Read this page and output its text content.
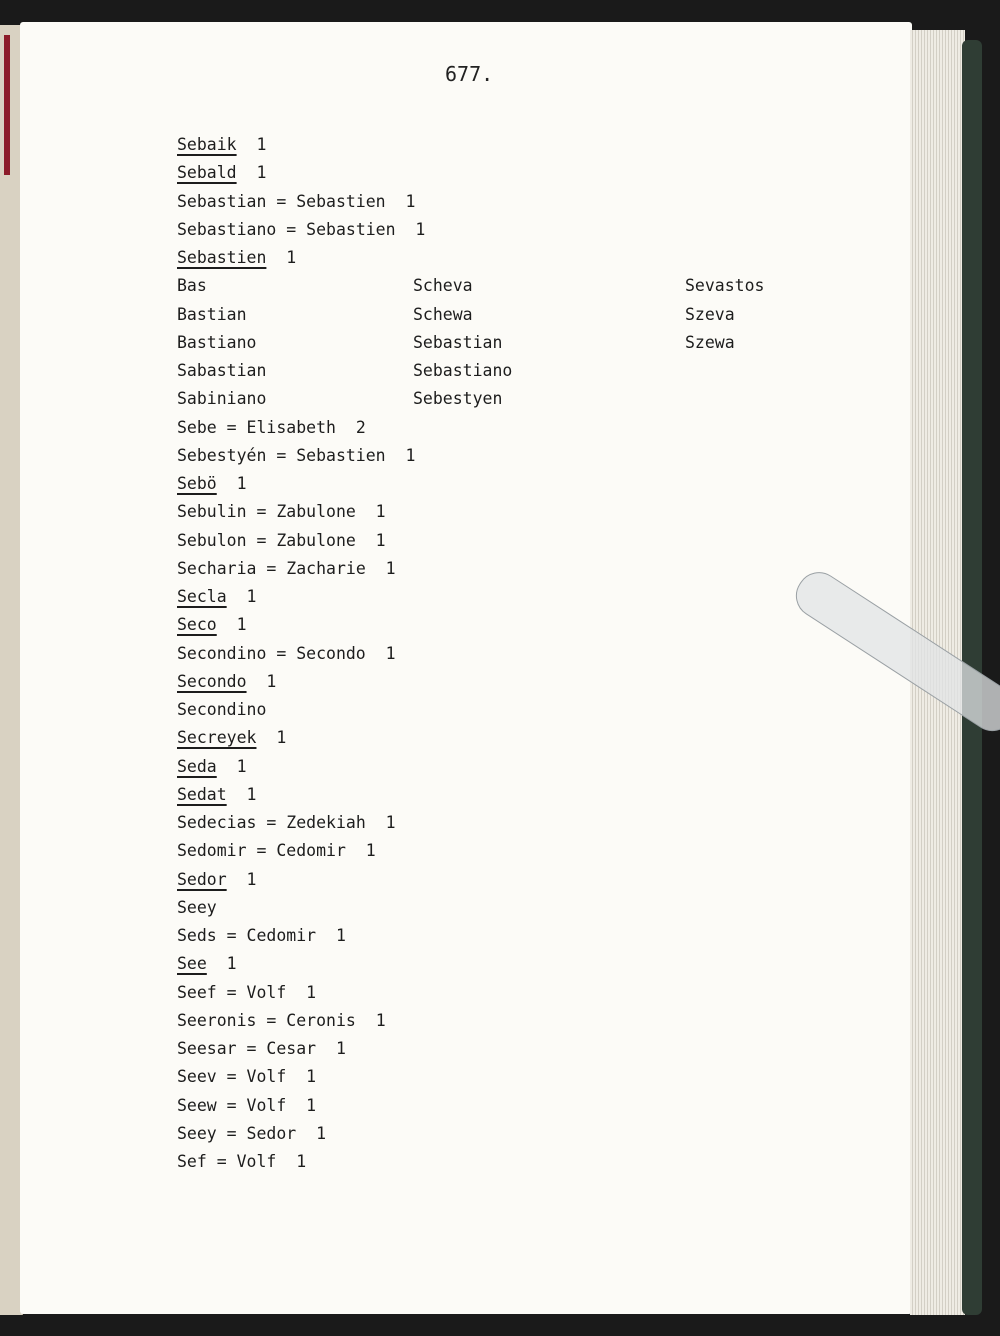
677.
Sebaik  1
Sebald  1
Sebastian = Sebastien  1
Sebastiano = Sebastien  1
Sebastien  1
Bas
Bastian
Bastiano
Sabastian
Sabiniano
Sebe = Elisabeth  2
Sebestyén = Sebastien  1
Sebö  1
Sebulin = Zabulone  1
Sebulon = Zabulone  1
Secharia = Zacharie  1
Secla  1
Seco  1
Secondino = Secondo  1
Secondo  1
Secondino
Secreyek  1
Seda  1
Sedat  1
Sedecias = Zedekiah  1
Sedomir = Cedomir  1
Sedor  1
Seey
Seds = Cedomir  1
See  1
Seef = Volf  1
Seeronis = Ceronis  1
Seesar = Cesar  1
Seev = Volf  1
Seew = Volf  1
Seey = Sedor  1
Sef = Volf  1
Scheva
Schewa
Sebastian
Sebastiano
Sebestyen
Sevastos
Szeva
Szewa
